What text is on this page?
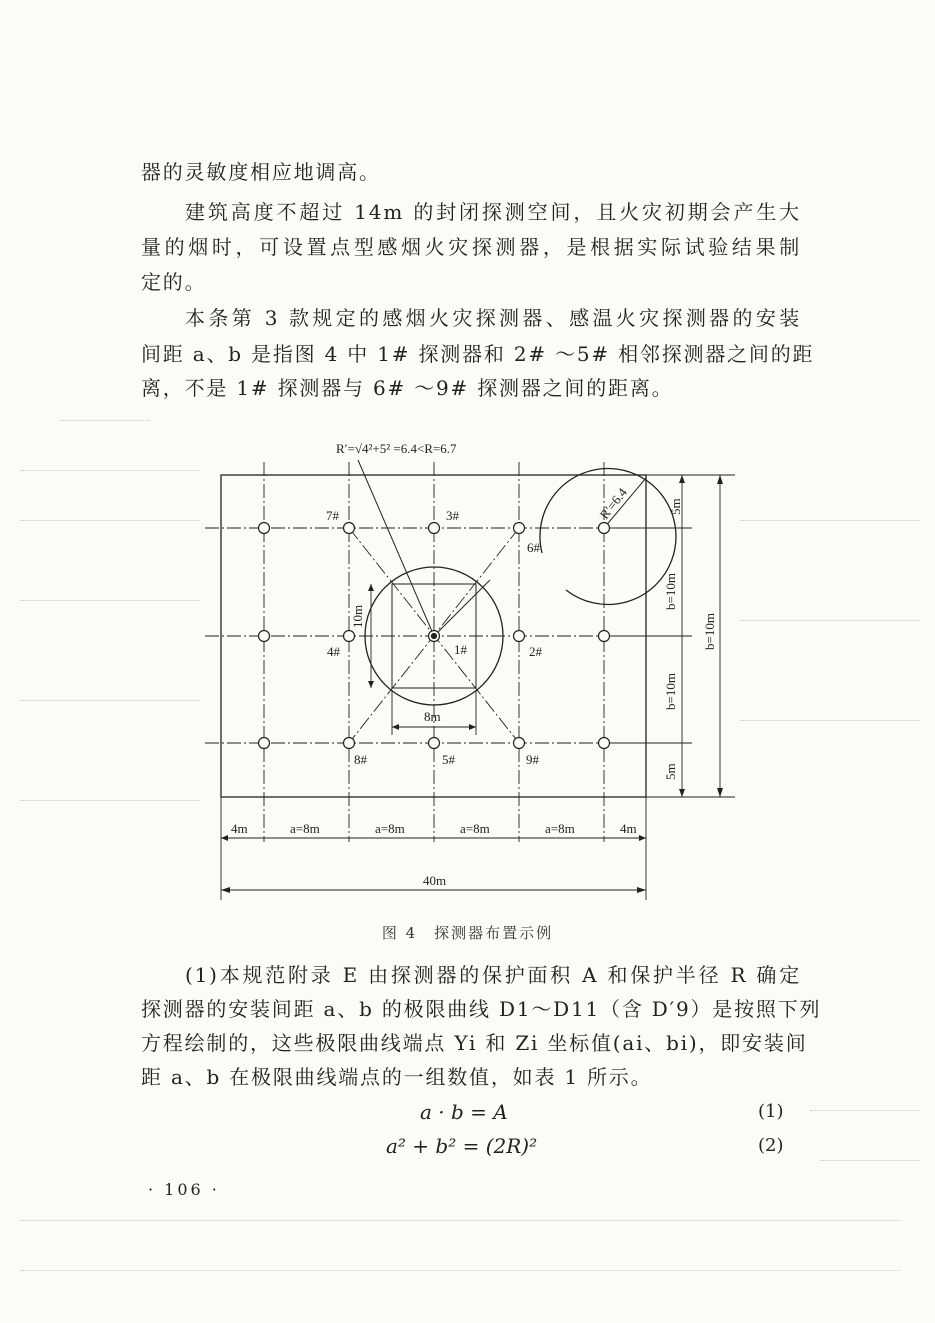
器的灵敏度相应地调高。
建筑高度不超过 14m 的封闭探测空间，且火灾初期会产生大
量的烟时，可设置点型感烟火灾探测器，是根据实际试验结果制
定的。
本条第 3 款规定的感烟火灾探测器、感温火灾探测器的安装
间距 a、b 是指图 4 中 1# 探测器和 2# ～5# 相邻探测器之间的距
离，不是 1# 探测器与 6# ～9# 探测器之间的距离。
R′=√4²+5² =6.4<R=6.7
7#	3#
6#
4#	1#	2#
8#	5#	9#
8m
10m
R′=6.4	5m
b=10m
b=10m
5m
b=10m
4m	a=8m	a=8m	a=8m	a=8m	4m
40m
图 4　探测器布置示例
(1)本规范附录 E 由探测器的保护面积 A 和保护半径 R 确定
探测器的安装间距 a、b 的极限曲线 D1～D11（含 D′9）是按照下列
方程绘制的，这些极限曲线端点 Yi 和 Zi 坐标值(ai、bi)，即安装间
距 a、b 在极限曲线端点的一组数值，如表 1 所示。
a · b = A	(1)
a² + b² = (2R)²	(2)
· 106 ·
